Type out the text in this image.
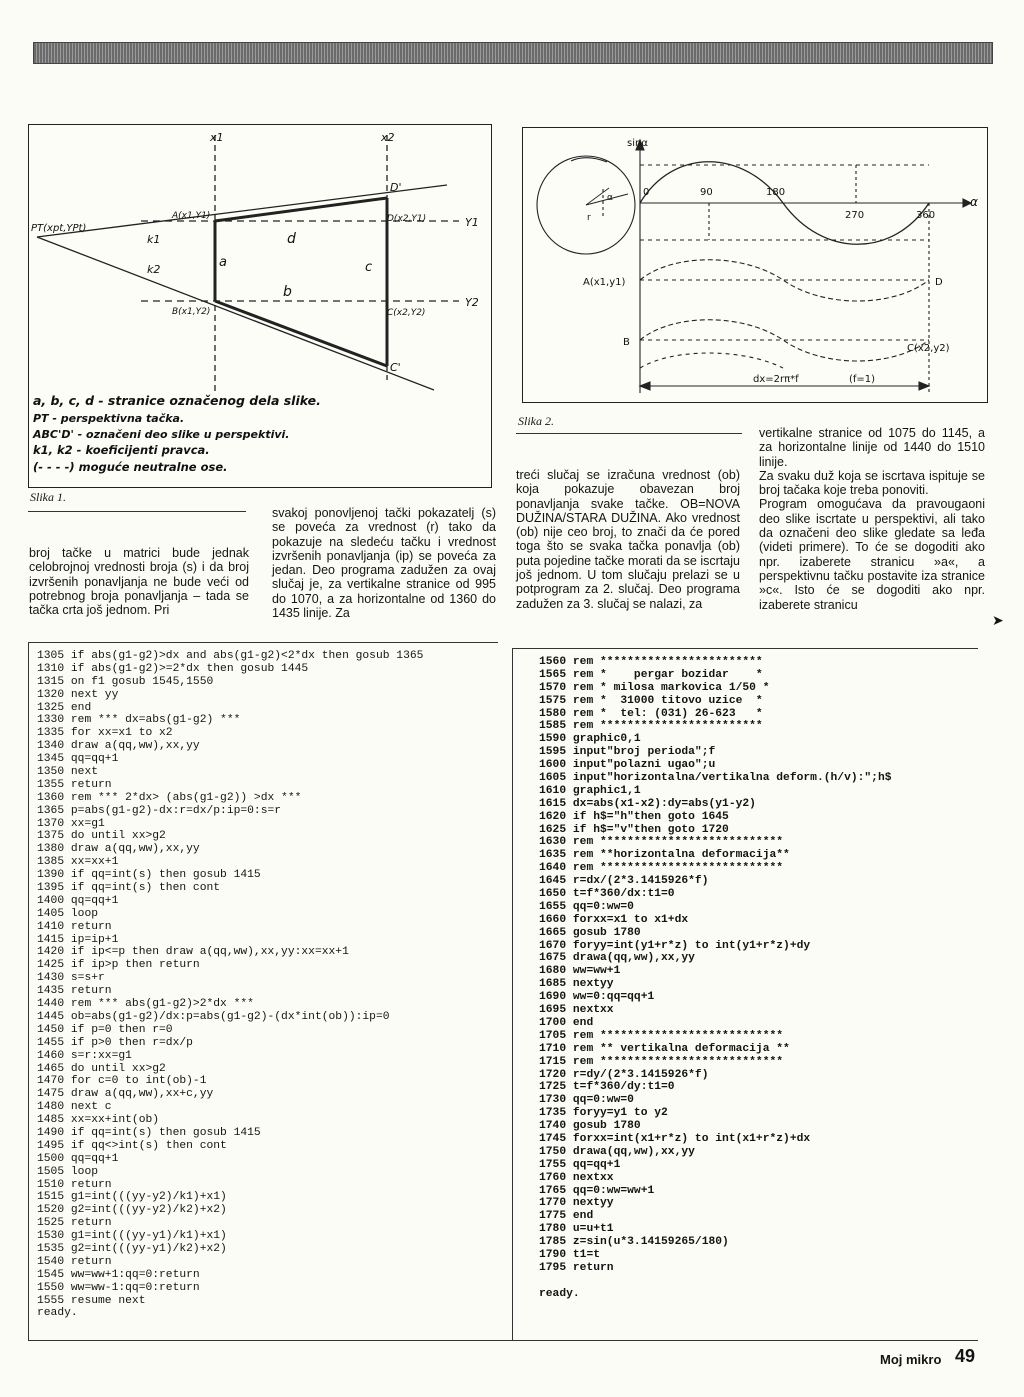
x1	x2
PT(xpt,YPt)
k1
k2
A(x1,Y1)
B(x1,Y2)
D(x2,Y1)
C(x2,Y2)
D'
C'
Y1
Y2
a
b
c
d
a, b, c, d - stranice označenog dela slike.
PT - perspektivna tačka.
ABC'D' - označeni deo slike u perspektivi.
k1, k2 - koeficijenti pravca.
(- - - -) moguće neutralne ose.
Slika 1.
sinα
α
r
0	90	180
270	360
α
A(x1,y1)	D
B
C(x2,y2)
dx=2rπ*f	(f=1)
Slika 2.
broj tačke u matrici bude jednak celobrojnoj vrednosti broja (s) i da broj izvršenih ponavljanja ne bude veći od potrebnog broja ponavljanja – tada se tačka crta još jednom. Pri
svakoj ponovljenoj tački pokazatelj (s) se poveća za vrednost (r) tako da pokazuje na sledeću tačku i vrednost izvršenih ponavljanja (ip) se poveća za jedan. Deo programa zadužen za ovaj slučaj je, za vertikalne stranice od 995 do 1070, a za horizontalne od 1360 do 1435 linije. Za
treći slučaj se izračuna vrednost (ob) koja pokazuje obavezan broj ponavljanja svake tačke. OB=NOVA DUŽINA/STARA DUŽINA. Ako vrednost (ob) nije ceo broj, to znači da će pored toga što se svaka tačka ponavlja (ob) puta pojedine tačke morati da se iscrtaju još jednom. U tom slučaju prelazi se u potprogram za 2. slučaj. Deo programa zadužen za 3. slučaj se nalazi, za
vertikalne stranice od 1075 do 1145, a za horizontalne linije od 1440 do 1510 linije.
Za svaku duž koja se iscrtava ispituje se broj tačaka koje treba ponoviti.
Program omogućava da pravougaoni deo slike iscrtate u perspektivi, ali tako da označeni deo slike gledate sa leđa (videti primere). To će se dogoditi ako npr. izaberete stranicu »a«, a perspektivnu tačku postavite iza stranice »c«. Isto će se dogoditi ako npr. izaberete stranicu
➤
1305 if abs(g1-g2)>dx and abs(g1-g2)<2*dx then gosub 1365
1310 if abs(g1-g2)>=2*dx then gosub 1445
1315 on f1 gosub 1545,1550
1320 next yy
1325 end
1330 rem *** dx=abs(g1-g2) ***
1335 for xx=x1 to x2
1340 draw a(qq,ww),xx,yy
1345 qq=qq+1
1350 next
1355 return
1360 rem *** 2*dx> (abs(g1-g2)) >dx ***
1365 p=abs(g1-g2)-dx:r=dx/p:ip=0:s=r
1370 xx=g1
1375 do until xx>g2
1380 draw a(qq,ww),xx,yy
1385 xx=xx+1
1390 if qq=int(s) then gosub 1415
1395 if qq=int(s) then cont
1400 qq=qq+1
1405 loop
1410 return
1415 ip=ip+1
1420 if ip<=p then draw a(qq,ww),xx,yy:xx=xx+1
1425 if ip>p then return
1430 s=s+r
1435 return
1440 rem *** abs(g1-g2)>2*dx ***
1445 ob=abs(g1-g2)/dx:p=abs(g1-g2)-(dx*int(ob)):ip=0
1450 if p=0 then r=0
1455 if p>0 then r=dx/p
1460 s=r:xx=g1
1465 do until xx>g2
1470 for c=0 to int(ob)-1
1475 draw a(qq,ww),xx+c,yy
1480 next c
1485 xx=xx+int(ob)
1490 if qq=int(s) then gosub 1415
1495 if qq<>int(s) then cont
1500 qq=qq+1
1505 loop
1510 return
1515 g1=int(((yy-y2)/k1)+x1)
1520 g2=int(((yy-y2)/k2)+x2)
1525 return
1530 g1=int(((yy-y1)/k1)+x1)
1535 g2=int(((yy-y1)/k2)+x2)
1540 return
1545 ww=ww+1:qq=0:return
1550 ww=ww-1:qq=0:return
1555 resume next
ready.
1560 rem ************************
1565 rem *    pergar bozidar    *
1570 rem * milosa markovica 1/50 *
1575 rem *  31000 titovo uzice  *
1580 rem *  tel: (031) 26-623   *
1585 rem ************************
1590 graphic0,1
1595 input"broj perioda";f
1600 input"polazni ugao";u
1605 input"horizontalna/vertikalna deform.(h/v):";h$
1610 graphic1,1
1615 dx=abs(x1-x2):dy=abs(y1-y2)
1620 if h$="h"then goto 1645
1625 if h$="v"then goto 1720
1630 rem ***************************
1635 rem **horizontalna deformacija**
1640 rem ***************************
1645 r=dx/(2*3.1415926*f)
1650 t=f*360/dx:t1=0
1655 qq=0:ww=0
1660 forxx=x1 to x1+dx
1665 gosub 1780
1670 foryy=int(y1+r*z) to int(y1+r*z)+dy
1675 drawa(qq,ww),xx,yy
1680 ww=ww+1
1685 nextyy
1690 ww=0:qq=qq+1
1695 nextxx
1700 end
1705 rem ***************************
1710 rem ** vertikalna deformacija **
1715 rem ***************************
1720 r=dy/(2*3.1415926*f)
1725 t=f*360/dy:t1=0
1730 qq=0:ww=0
1735 foryy=y1 to y2
1740 gosub 1780
1745 forxx=int(x1+r*z) to int(x1+r*z)+dx
1750 drawa(qq,ww),xx,yy
1755 qq=qq+1
1760 nextxx
1765 qq=0:ww=ww+1
1770 nextyy
1775 end
1780 u=u+t1
1785 z=sin(u*3.14159265/180)
1790 t1=t
1795 return
ready.
Moj mikro 49
